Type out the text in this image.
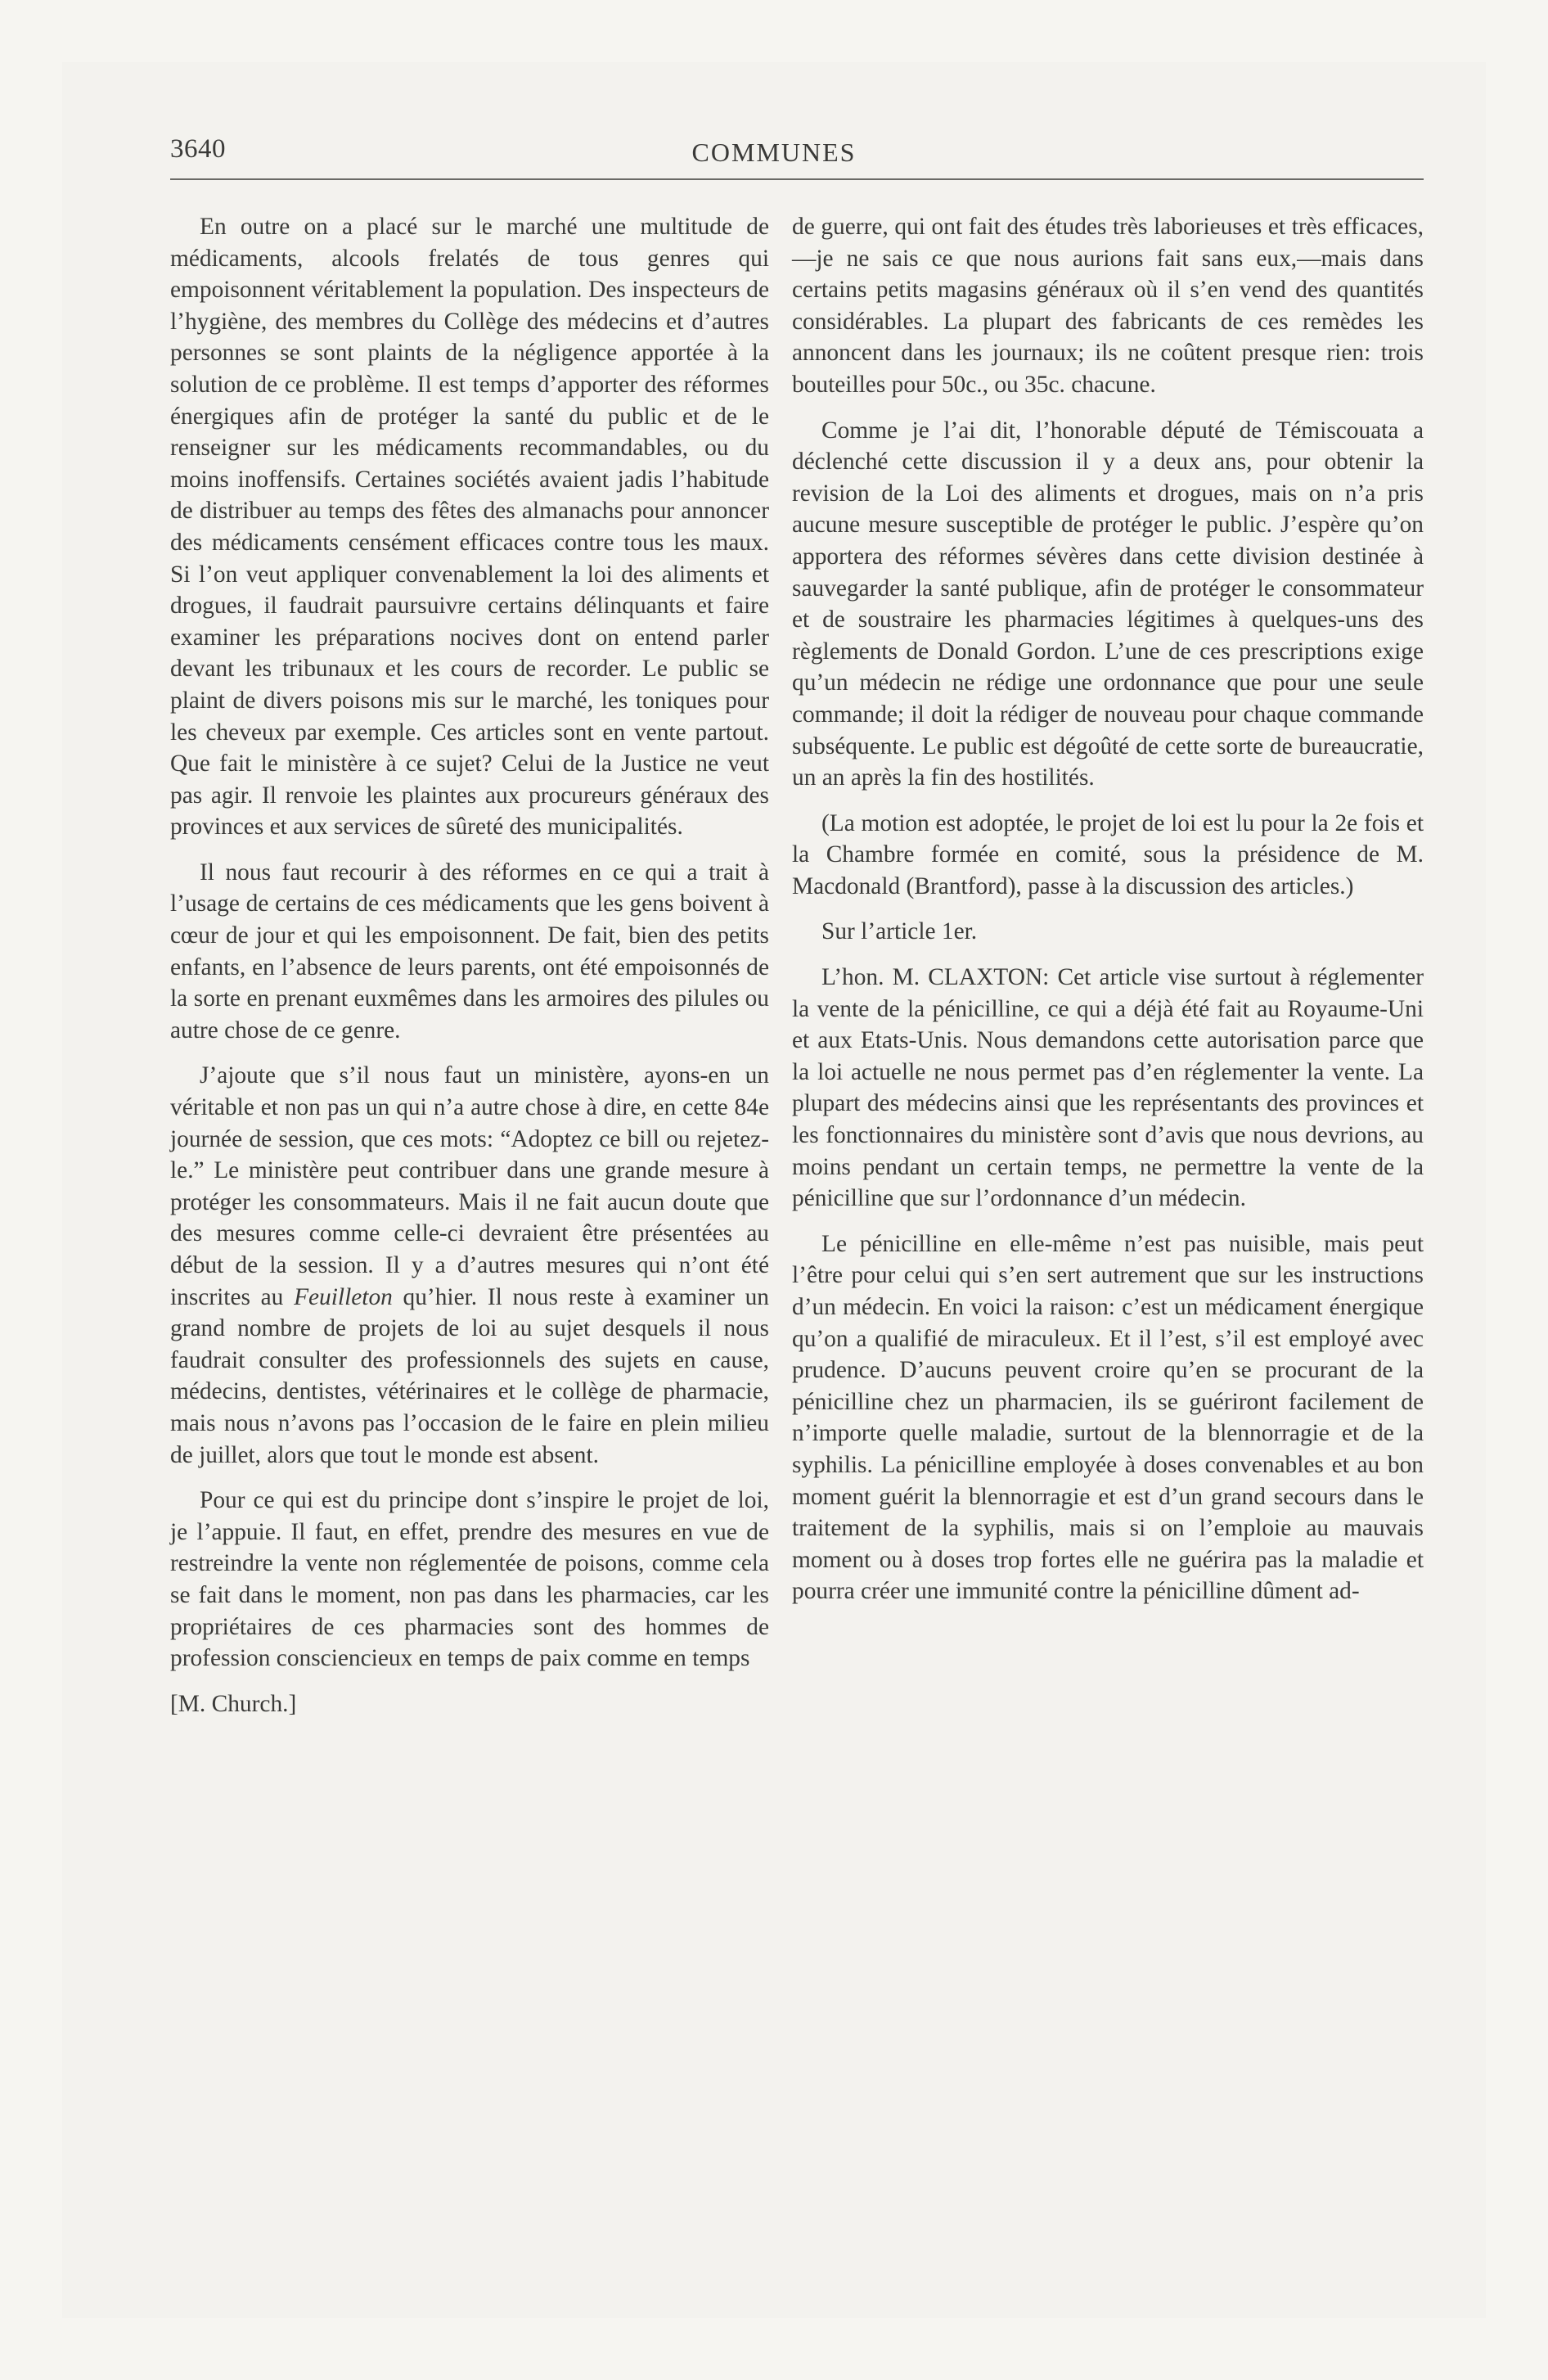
3640	COMMUNES

En outre on a placé sur le marché une multitude de médicaments, alcools frelatés de tous genres qui empoisonnent véritablement la population. Des inspecteurs de l’hygiène, des membres du Collège des médecins et d’autres personnes se sont plaints de la négligence apportée à la solution de ce problème. Il est temps d’apporter des réformes énergiques afin de protéger la santé du public et de le renseigner sur les médicaments recommandables, ou du moins inoffensifs. Certaines sociétés avaient jadis l’habitude de distribuer au temps des fêtes des almanachs pour annoncer des médicaments censément efficaces contre tous les maux. Si l’on veut appliquer convenablement la loi des aliments et drogues, il faudrait paursuivre certains délinquants et faire examiner les préparations nocives dont on entend parler devant les tribunaux et les cours de recorder. Le public se plaint de divers poisons mis sur le marché, les toniques pour les cheveux par exemple. Ces articles sont en vente partout. Que fait le ministère à ce sujet? Celui de la Justice ne veut pas agir. Il renvoie les plaintes aux procureurs généraux des provinces et aux services de sûreté des municipalités.

Il nous faut recourir à des réformes en ce qui a trait à l’usage de certains de ces médicaments que les gens boivent à cœur de jour et qui les empoisonnent. De fait, bien des petits enfants, en l’absence de leurs parents, ont été empoisonnés de la sorte en prenant euxmêmes dans les armoires des pilules ou autre chose de ce genre.

J’ajoute que s’il nous faut un ministère, ayons-en un véritable et non pas un qui n’a autre chose à dire, en cette 84e journée de session, que ces mots: “Adoptez ce bill ou rejetez-le.” Le ministère peut contribuer dans une grande mesure à protéger les consommateurs. Mais il ne fait aucun doute que des mesures comme celle-ci devraient être présentées au début de la session. Il y a d’autres mesures qui n’ont été inscrites au Feuilleton qu’hier. Il nous reste à examiner un grand nombre de projets de loi au sujet desquels il nous faudrait consulter des professionnels des sujets en cause, médecins, dentistes, vétérinaires et le collège de pharmacie, mais nous n’avons pas l’occasion de le faire en plein milieu de juillet, alors que tout le monde est absent.

Pour ce qui est du principe dont s’inspire le projet de loi, je l’appuie. Il faut, en effet, prendre des mesures en vue de restreindre la vente non réglementée de poisons, comme cela se fait dans le moment, non pas dans les pharmacies, car les propriétaires de ces pharmacies sont des hommes de profession consciencieux en temps de paix comme en temps

[M. Church.]

de guerre, qui ont fait des études très laborieuses et très efficaces,—je ne sais ce que nous aurions fait sans eux,—mais dans certains petits magasins généraux où il s’en vend des quantités considérables. La plupart des fabricants de ces remèdes les annoncent dans les journaux; ils ne coûtent presque rien: trois bouteilles pour 50c., ou 35c. chacune.

Comme je l’ai dit, l’honorable député de Témiscouata a déclenché cette discussion il y a deux ans, pour obtenir la revision de la Loi des aliments et drogues, mais on n’a pris aucune mesure susceptible de protéger le public. J’espère qu’on apportera des réformes sévères dans cette division destinée à sauvegarder la santé publique, afin de protéger le consommateur et de soustraire les pharmacies légitimes à quelques-uns des règlements de Donald Gordon. L’une de ces prescriptions exige qu’un médecin ne rédige une ordonnance que pour une seule commande; il doit la rédiger de nouveau pour chaque commande subséquente. Le public est dégoûté de cette sorte de bureaucratie, un an après la fin des hostilités.

(La motion est adoptée, le projet de loi est lu pour la 2e fois et la Chambre formée en comité, sous la présidence de M. Macdonald (Brantford), passe à la discussion des articles.)

Sur l’article 1er.

L’hon. M. CLAXTON: Cet article vise surtout à réglementer la vente de la pénicilline, ce qui a déjà été fait au Royaume-Uni et aux Etats-Unis. Nous demandons cette autorisation parce que la loi actuelle ne nous permet pas d’en réglementer la vente. La plupart des médecins ainsi que les représentants des provinces et les fonctionnaires du ministère sont d’avis que nous devrions, au moins pendant un certain temps, ne permettre la vente de la pénicilline que sur l’ordonnance d’un médecin.

Le pénicilline en elle-même n’est pas nuisible, mais peut l’être pour celui qui s’en sert autrement que sur les instructions d’un médecin. En voici la raison: c’est un médicament énergique qu’on a qualifié de miraculeux. Et il l’est, s’il est employé avec prudence. D’aucuns peuvent croire qu’en se procurant de la pénicilline chez un pharmacien, ils se guériront facilement de n’importe quelle maladie, surtout de la blennorragie et de la syphilis. La pénicilline employée à doses convenables et au bon moment guérit la blennorragie et est d’un grand secours dans le traitement de la syphilis, mais si on l’emploie au mauvais moment ou à doses trop fortes elle ne guérira pas la maladie et pourra créer une immunité contre la pénicilline dûment ad-
